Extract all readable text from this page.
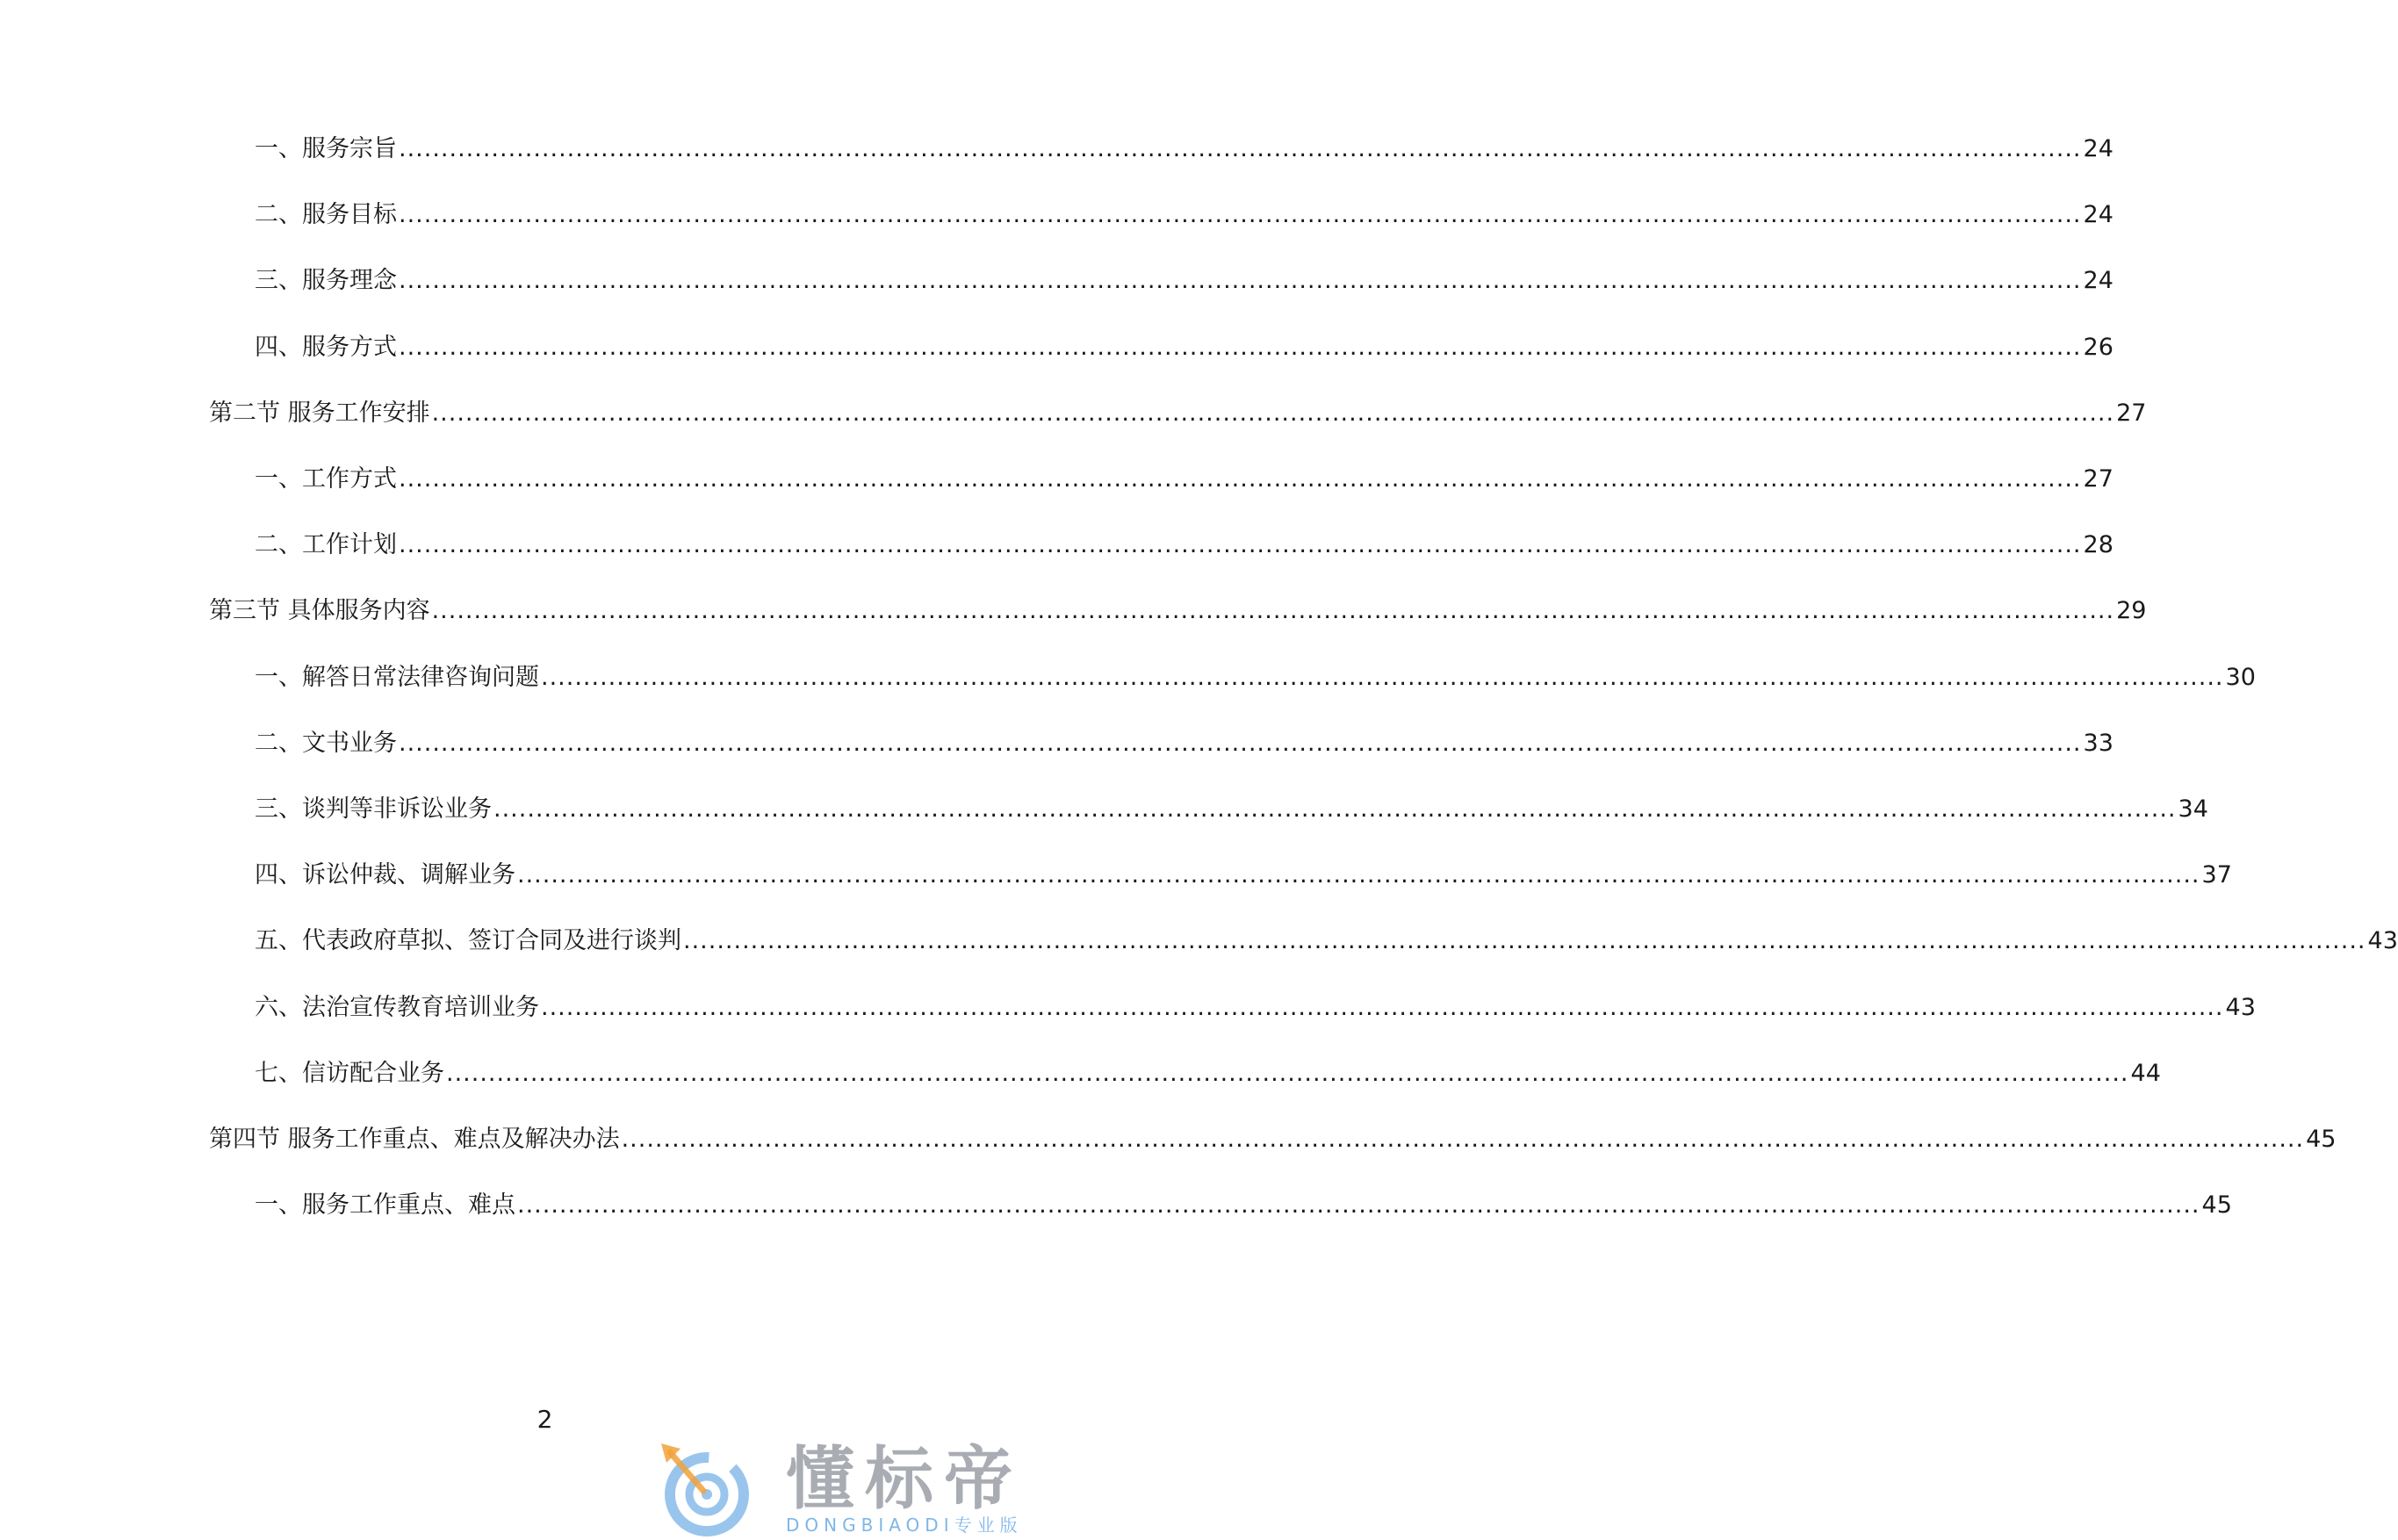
一、服务宗旨 ........................................................................................................................................................................................................ 24
二、服务目标 ........................................................................................................................................................................................................ 24
三、服务理念 ........................................................................................................................................................................................................ 24
四、服务方式 ........................................................................................................................................................................................................ 26
第二节 服务工作安排 ........................................................................................................................................................................................................ 27
一、工作方式 ........................................................................................................................................................................................................ 27
二、工作计划 ........................................................................................................................................................................................................ 28
第三节 具体服务内容 ........................................................................................................................................................................................................ 29
一、解答日常法律咨询问题 ........................................................................................................................................................................................................ 30
二、文书业务 ........................................................................................................................................................................................................ 33
三、谈判等非诉讼业务 ........................................................................................................................................................................................................ 34
四、诉讼仲裁、调解业务 ........................................................................................................................................................................................................ 37
五、代表政府草拟、签订合同及进行谈判 ........................................................................................................................................................................................................ 43
六、法治宣传教育培训业务 ........................................................................................................................................................................................................ 43
七、信访配合业务 ........................................................................................................................................................................................................ 44
第四节 服务工作重点、难点及解决办法 ........................................................................................................................................................................................................ 45
一、服务工作重点、难点 ........................................................................................................................................................................................................ 45
2
懂标帝
DONGBIAODI专业版
